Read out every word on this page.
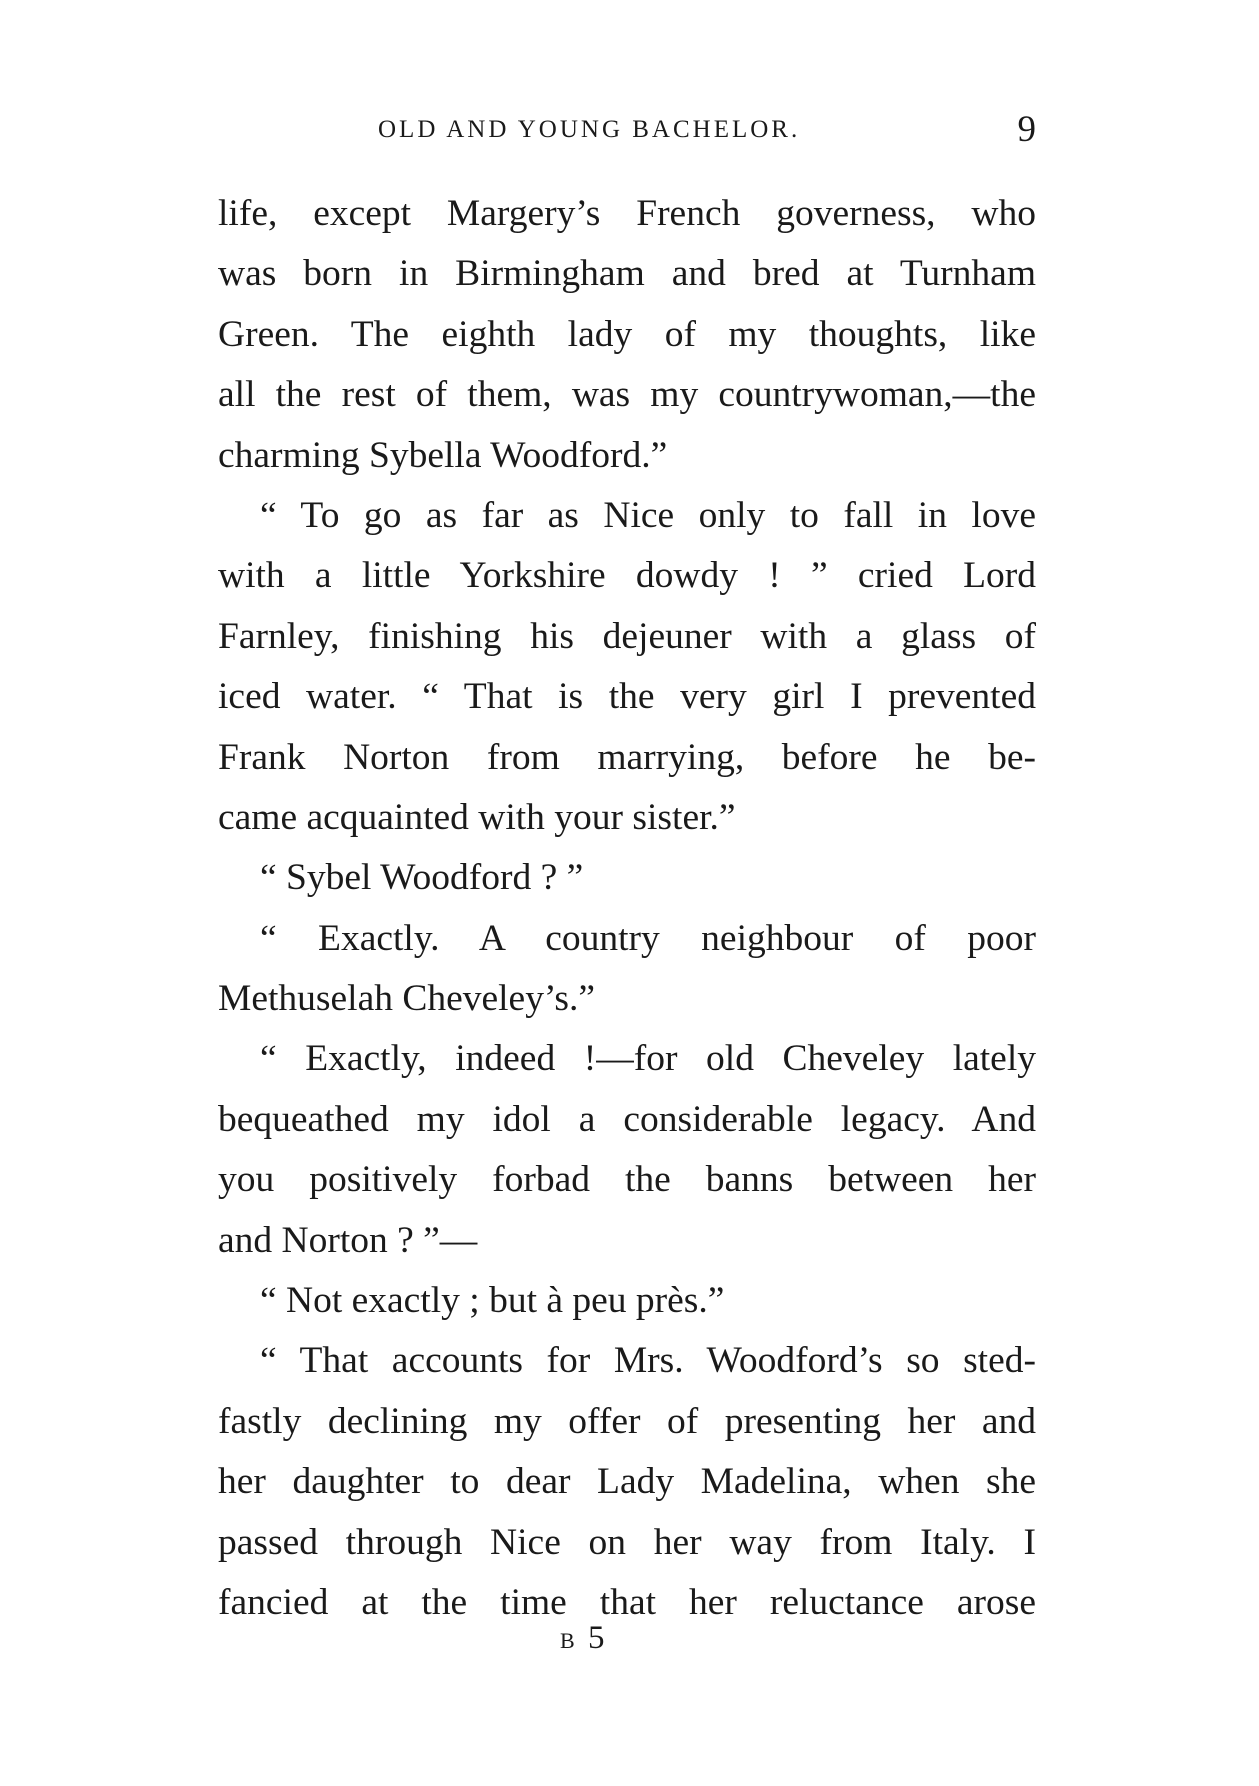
OLD AND YOUNG BACHELOR.	9
life, except Margery’s French governess, who
was born in Birmingham and bred at Turnham
Green. The eighth lady of my thoughts, like
all the rest of them, was my countrywoman,—the
charming Sybella Woodford.”
“ To go as far as Nice only to fall in love
with a little Yorkshire dowdy ! ” cried Lord
Farnley, finishing his dejeuner with a glass of
iced water. “ That is the very girl I prevented
Frank Norton from marrying, before he be-
came acquainted with your sister.”
“ Sybel Woodford ? ”
“ Exactly. A country neighbour of poor
Methuselah Cheveley’s.”
“ Exactly, indeed !—for old Cheveley lately
bequeathed my idol a considerable legacy. And
you positively forbad the banns between her
and Norton ? ”—
“ Not exactly ; but à peu près.”
“ That accounts for Mrs. Woodford’s so sted-
fastly declining my offer of presenting her and
her daughter to dear Lady Madelina, when she
passed through Nice on her way from Italy. I
fancied at the time that her reluctance arose
B 5
